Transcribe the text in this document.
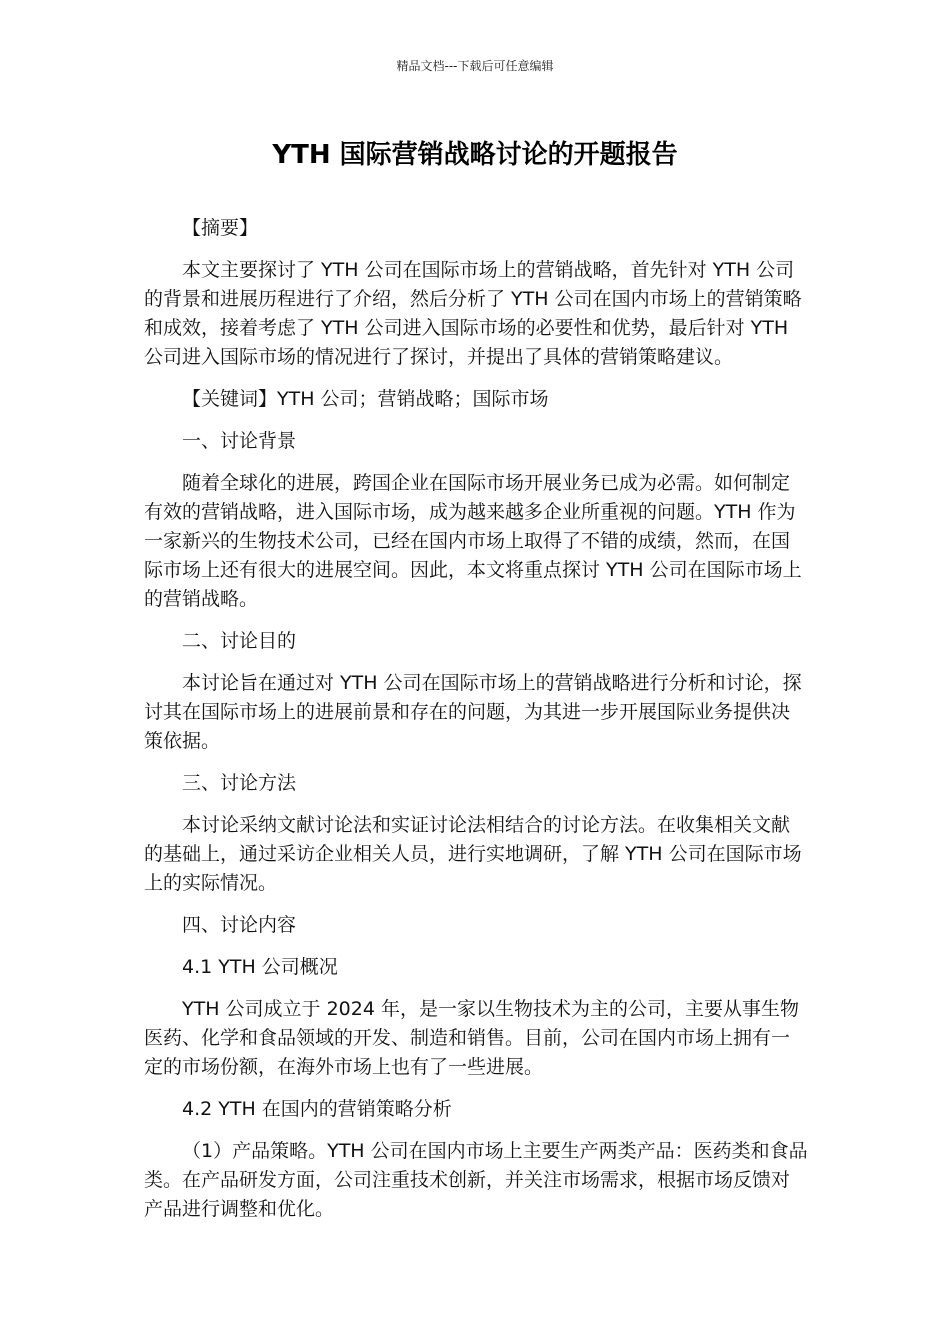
精品文档---下载后可任意编辑
YTH 国际营销战略讨论的开题报告

【摘要】

本文主要探讨了 YTH 公司在国际市场上的营销战略，首先针对 YTH 公司的背景和进展历程进行了介绍，然后分析了 YTH 公司在国内市场上的营销策略和成效，接着考虑了 YTH 公司进入国际市场的必要性和优势，最后针对 YTH 公司进入国际市场的情况进行了探讨，并提出了具体的营销策略建议。

【关键词】YTH 公司；营销战略；国际市场

一、讨论背景

随着全球化的进展，跨国企业在国际市场开展业务已成为必需。如何制定有效的营销战略，进入国际市场，成为越来越多企业所重视的问题。YTH 作为一家新兴的生物技术公司，已经在国内市场上取得了不错的成绩，然而，在国际市场上还有很大的进展空间。因此，本文将重点探讨 YTH 公司在国际市场上的营销战略。

二、讨论目的

本讨论旨在通过对 YTH 公司在国际市场上的营销战略进行分析和讨论，探讨其在国际市场上的进展前景和存在的问题，为其进一步开展国际业务提供决策依据。

三、讨论方法

本讨论采纳文献讨论法和实证讨论法相结合的讨论方法。在收集相关文献的基础上，通过采访企业相关人员，进行实地调研，了解 YTH 公司在国际市场上的实际情况。

四、讨论内容

4.1 YTH 公司概况

YTH 公司成立于 2024 年，是一家以生物技术为主的公司，主要从事生物医药、化学和食品领域的开发、制造和销售。目前，公司在国内市场上拥有一定的市场份额，在海外市场上也有了一些进展。

4.2 YTH 在国内的营销策略分析

（1）产品策略。YTH 公司在国内市场上主要生产两类产品：医药类和食品类。在产品研发方面，公司注重技术创新，并关注市场需求，根据市场反馈对产品进行调整和优化。
